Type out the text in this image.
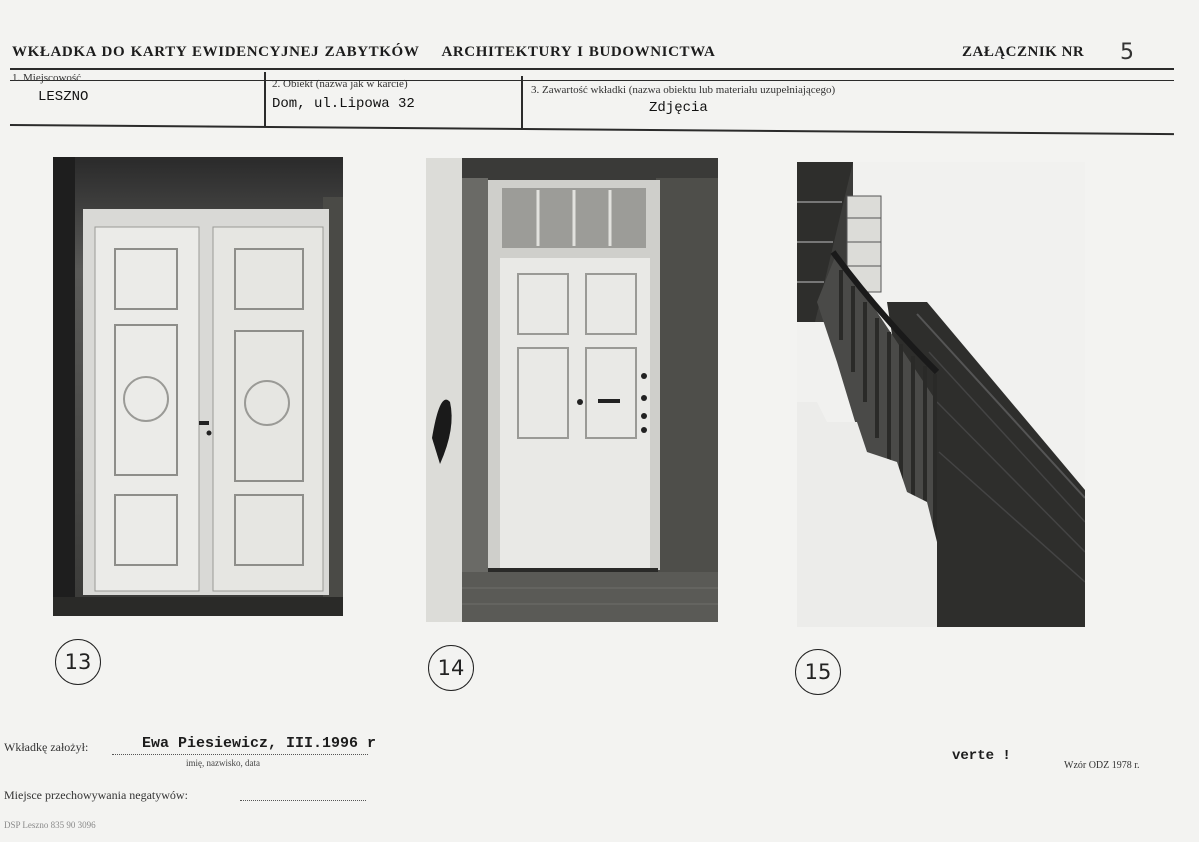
WKŁADKA DO KARTY EWIDENCYJNEJ ZABYTKÓW ARCHITEKTURY I BUDOWNICTWA	ZAŁĄCZNIK NR 5
1. Miejscowość
LESZNO
2. Obiekt (nazwa jak w karcie)
Dom, ul.Lipowa 32
3. Zawartość wkładki (nazwa obiektu lub materiału uzupełniającego)
Zdjęcia
13	14	15
Wkładkę założył:	Ewa Piesiewicz, III.1996 r
imię, nazwisko, data	verte !
Wzór ODZ 1978 r.
Miejsce przechowywania negatywów:
DSP Leszno 835 90 3096
